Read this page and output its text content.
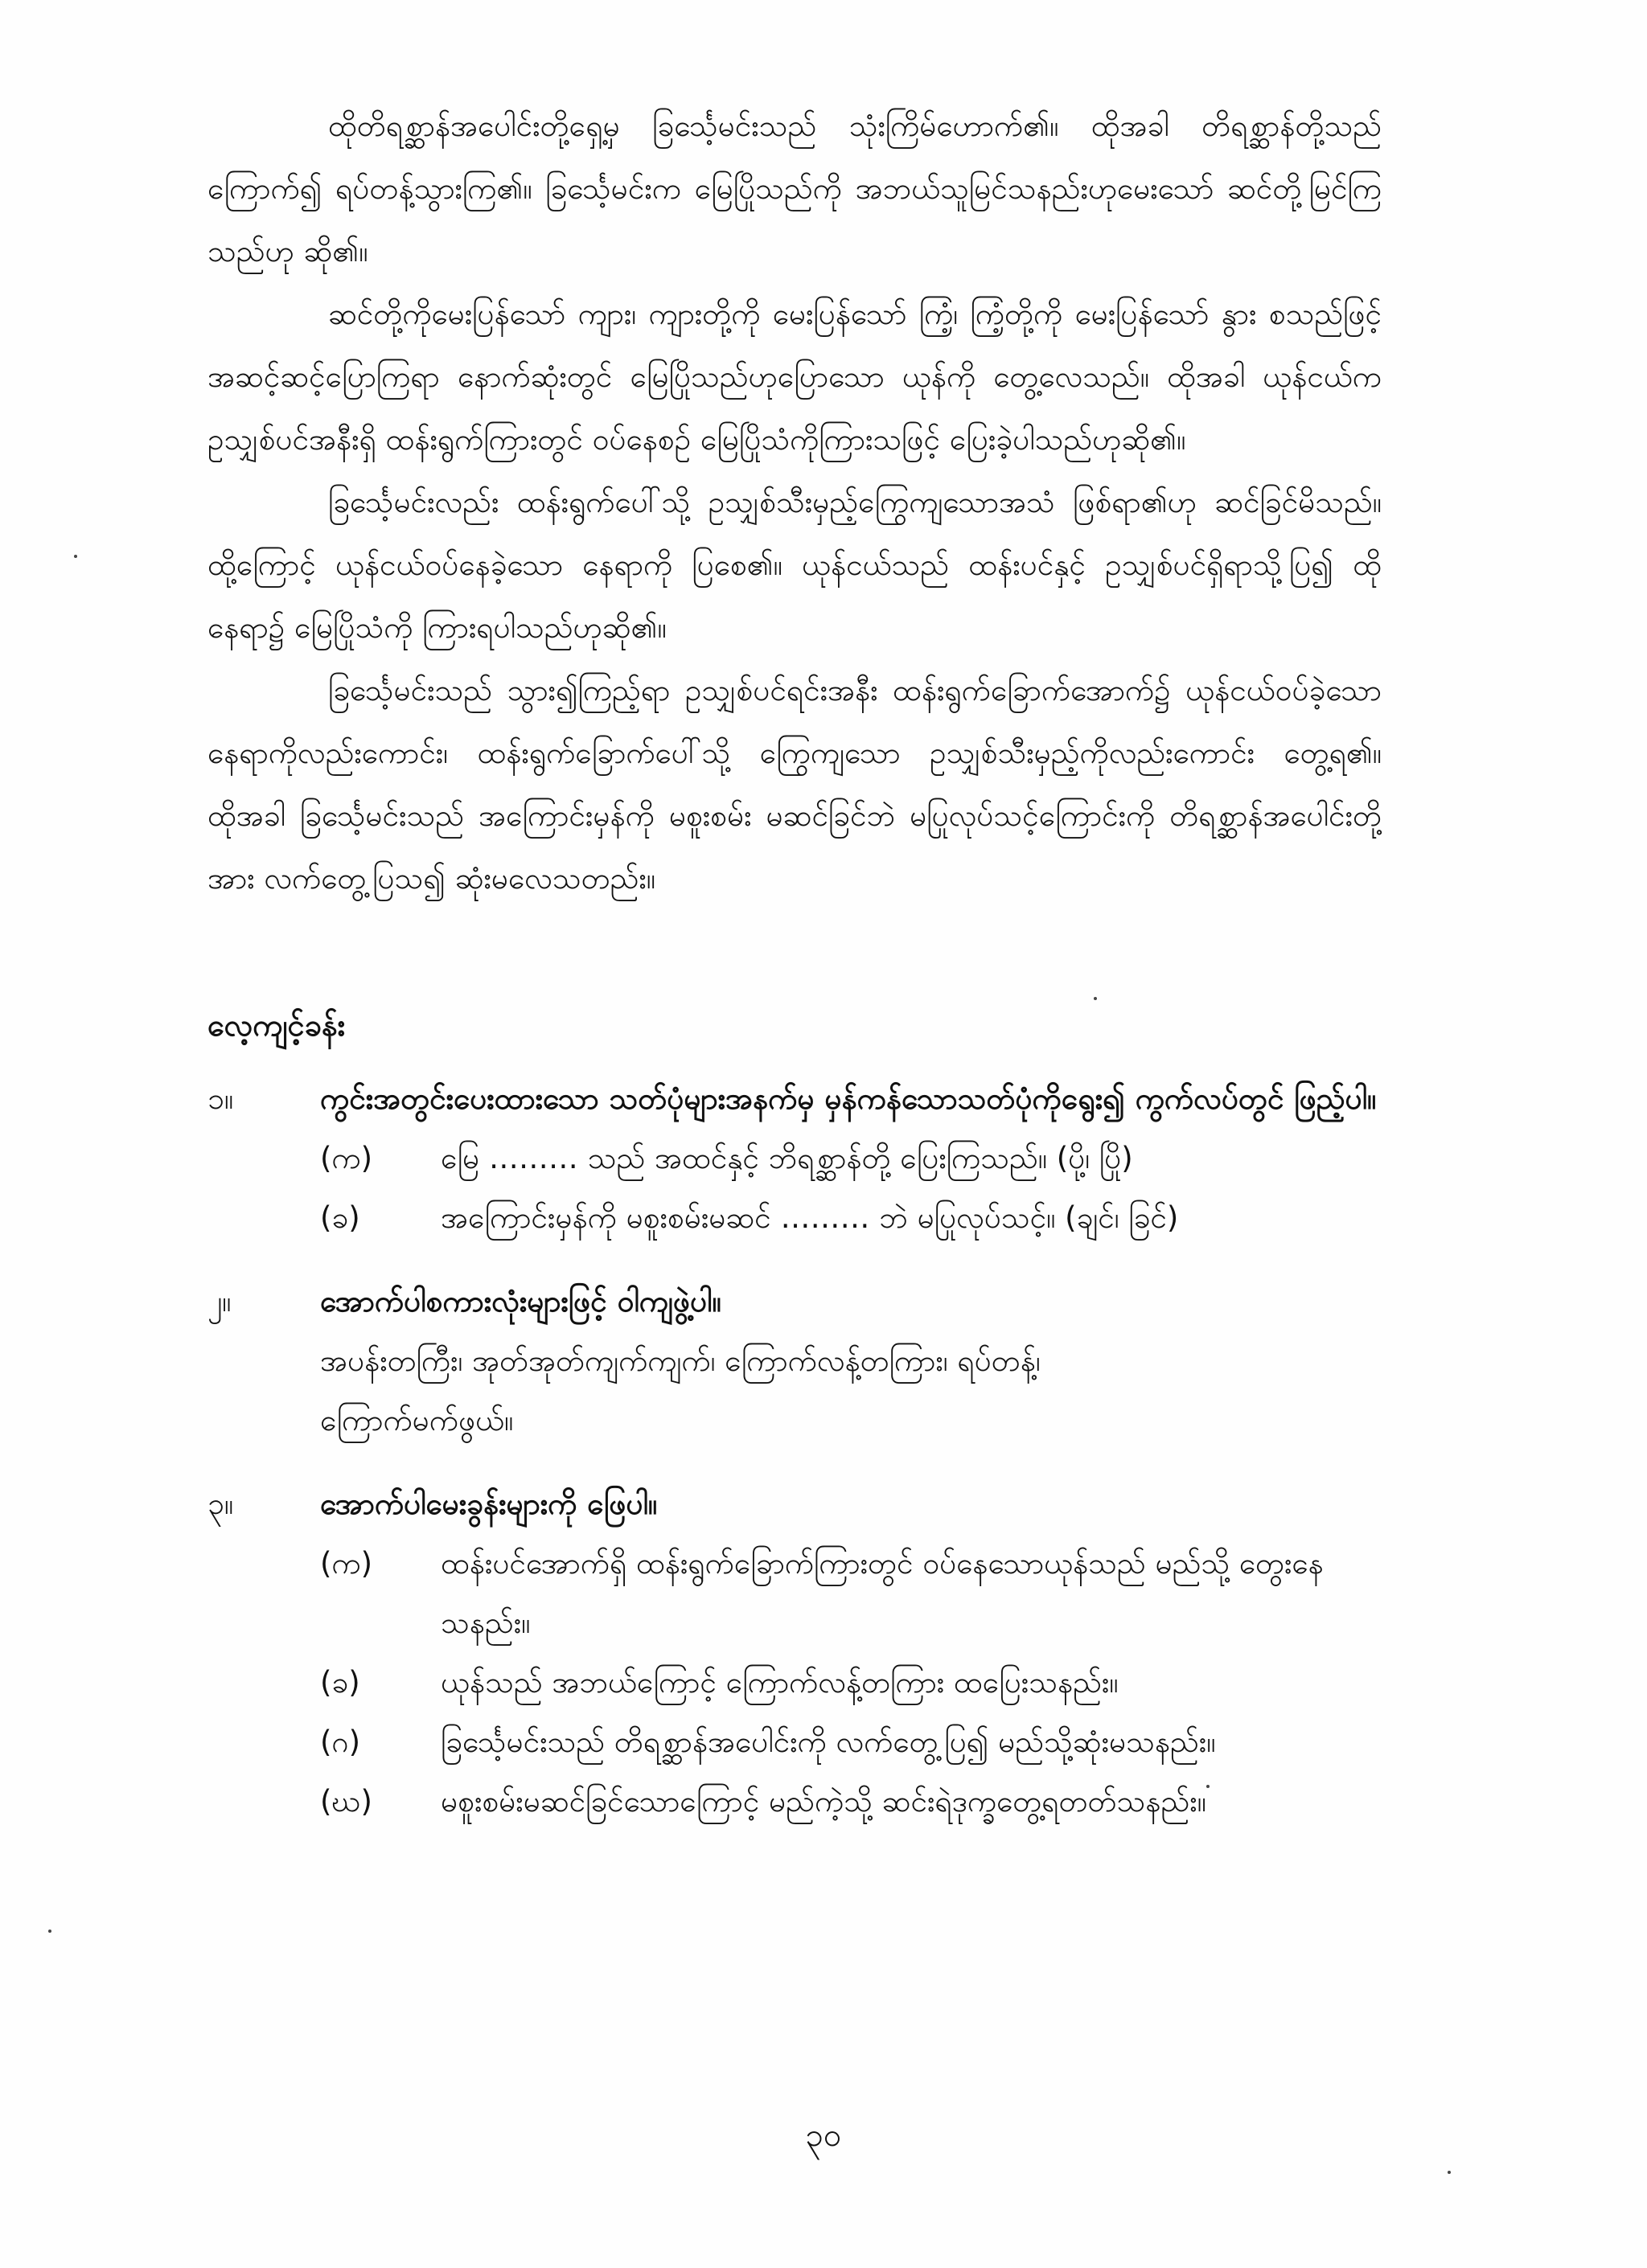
ထိုတိရစ္ဆာန်အပေါင်းတို့ရှေ့မှ ခြင်္သေ့မင်းသည် သုံးကြိမ်ဟောက်၏။ ထိုအခါ တိရစ္ဆာန်တို့သည် ကြောက်၍ ရပ်တန့်သွားကြ၏။ ခြင်္သေ့မင်းက မြေပြိုသည်ကို အဘယ်သူမြင်သနည်းဟုမေးသော် ဆင်တို့မြင်ကြသည်ဟု ဆို၏။

ဆင်တို့ကိုမေးပြန်သော် ကျား၊ ကျားတို့ကို မေးပြန်သော် ကြံ့၊ ကြံ့တို့ကို မေးပြန်သော် နွား စသည်ဖြင့် အဆင့်ဆင့်ပြောကြရာ နောက်ဆုံးတွင် မြေပြိုသည်ဟုပြောသော ယုန်ကို တွေ့လေသည်။ ထိုအခါ ယုန်ငယ်က ဥသျှစ်ပင်အနီးရှိ ထန်းရွက်ကြားတွင် ဝပ်နေစဉ် မြေပြိုသံကိုကြားသဖြင့် ပြေးခဲ့ပါသည်ဟုဆို၏။

ခြင်္သေ့မင်းလည်း ထန်းရွက်ပေါ်သို့ ဥသျှစ်သီးမှည့်ကြွေကျသောအသံ ဖြစ်ရာ၏ဟု ဆင်ခြင်မိသည်။ ထို့ကြောင့် ယုန်ငယ်ဝပ်နေခဲ့သော နေရာကို ပြစေ၏။ ယုန်ငယ်သည် ထန်းပင်နှင့် ဥသျှစ်ပင်ရှိရာသို့ပြ၍ ထိုနေရာ၌ မြေပြိုသံကို ကြားရပါသည်ဟုဆို၏။

ခြင်္သေ့မင်းသည် သွား၍ကြည့်ရာ ဥသျှစ်ပင်ရင်းအနီး ထန်းရွက်ခြောက်အောက်၌ ယုန်ငယ်ဝပ်ခဲ့သောနေရာကိုလည်းကောင်း၊ ထန်းရွက်ခြောက်ပေါ်သို့ ကြွေကျသော ဥသျှစ်သီးမှည့်ကိုလည်းကောင်း တွေ့ရ၏။ ထိုအခါ ခြင်္သေ့မင်းသည် အကြောင်းမှန်ကို မစူးစမ်း မဆင်ခြင်ဘဲ မပြုလုပ်သင့်ကြောင်းကို တိရစ္ဆာန်အပေါင်းတို့အား လက်တွေ့ပြသ၍ ဆုံးမလေသတည်း။

လေ့ကျင့်ခန်း
၁။	ကွင်းအတွင်းပေးထားသော သတ်ပုံများအနက်မှ မှန်ကန်သောသတ်ပုံကိုရွေး၍ ကွက်လပ်တွင် ဖြည့်ပါ။
(က)	မြေ ……… သည် အထင်နှင့် ဘိရစ္ဆာန်တို့ ပြေးကြသည်။ (ပို့၊ ပြို)
(ခ)	အကြောင်းမှန်ကို မစူးစမ်းမဆင် ……… ဘဲ မပြုလုပ်သင့်။ (ချင်၊ ခြင်)
၂။	အောက်ပါစကားလုံးများဖြင့် ဝါကျဖွဲ့ပါ။
အပန်းတကြီး၊ အုတ်အုတ်ကျက်ကျက်၊ ကြောက်လန့်တကြား၊ ရပ်တန့်၊
ကြောက်မက်ဖွယ်။
၃။	အောက်ပါမေးခွန်းများကို ဖြေပါ။
(က)	ထန်းပင်အောက်ရှိ ထန်းရွက်ခြောက်ကြားတွင် ဝပ်နေသောယုန်သည် မည်သို့ တွေးနေသနည်း။
(ခ)	ယုန်သည် အဘယ်ကြောင့် ကြောက်လန့်တကြား ထပြေးသနည်း။
(ဂ)	ခြင်္သေ့မင်းသည် တိရစ္ဆာန်အပေါင်းကို လက်တွေ့ပြ၍ မည်သို့ဆုံးမသနည်း။
(ဃ)	မစူးစမ်းမဆင်ခြင်သောကြောင့် မည်ကဲ့သို့ ဆင်းရဲဒုက္ခတွေ့ရတတ်သနည်း။
၃၀
